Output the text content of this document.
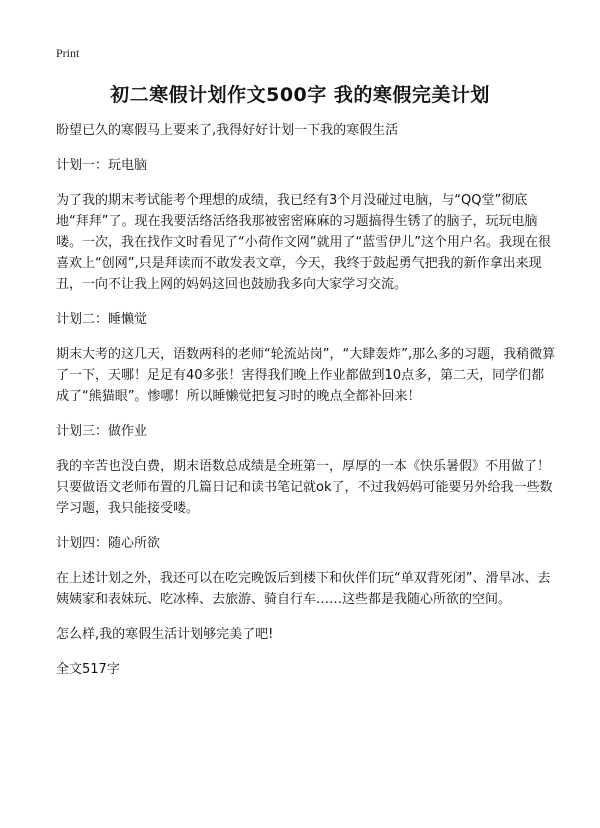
Print
初二寒假计划作文500字 我的寒假完美计划

盼望已久的寒假马上要来了,我得好好计划一下我的寒假生活

计划一：玩电脑

为了我的期末考试能考个理想的成绩，我已经有3个月没碰过电脑，与“QQ堂”彻底地“拜拜”了。现在我要活络活络我那被密密麻麻的习题搞得生锈了的脑子，玩玩电脑喽。一次，我在找作文时看见了“小荷作文网”就用了“蓝雪伊儿”这个用户名。我现在很喜欢上“创网”,只是拜读而不敢发表文章，今天，我终于鼓起勇气把我的新作拿出来现丑，一向不让我上网的妈妈这回也鼓励我多向大家学习交流。

计划二：睡懒觉

期末大考的这几天，语数两科的老师“轮流站岗”，“大肆轰炸”,那么多的习题，我稍微算了一下，天哪！足足有40多张！害得我们晚上作业都做到10点多，第二天，同学们都成了“熊猫眼”。惨哪！所以睡懒觉把复习时的晚点全都补回来！

计划三：做作业

我的辛苦也没白费，期末语数总成绩是全班第一，厚厚的一本《快乐暑假》不用做了！只要做语文老师布置的几篇日记和读书笔记就ok了，不过我妈妈可能要另外给我一些数学习题，我只能接受喽。

计划四：随心所欲

在上述计划之外，我还可以在吃完晚饭后到楼下和伙伴们玩“单双背死闭”、滑旱冰、去姨姨家和表妹玩、吃冰棒、去旅游、骑自行车……这些都是我随心所欲的空间。

怎么样,我的寒假生活计划够完美了吧!

全文517字
